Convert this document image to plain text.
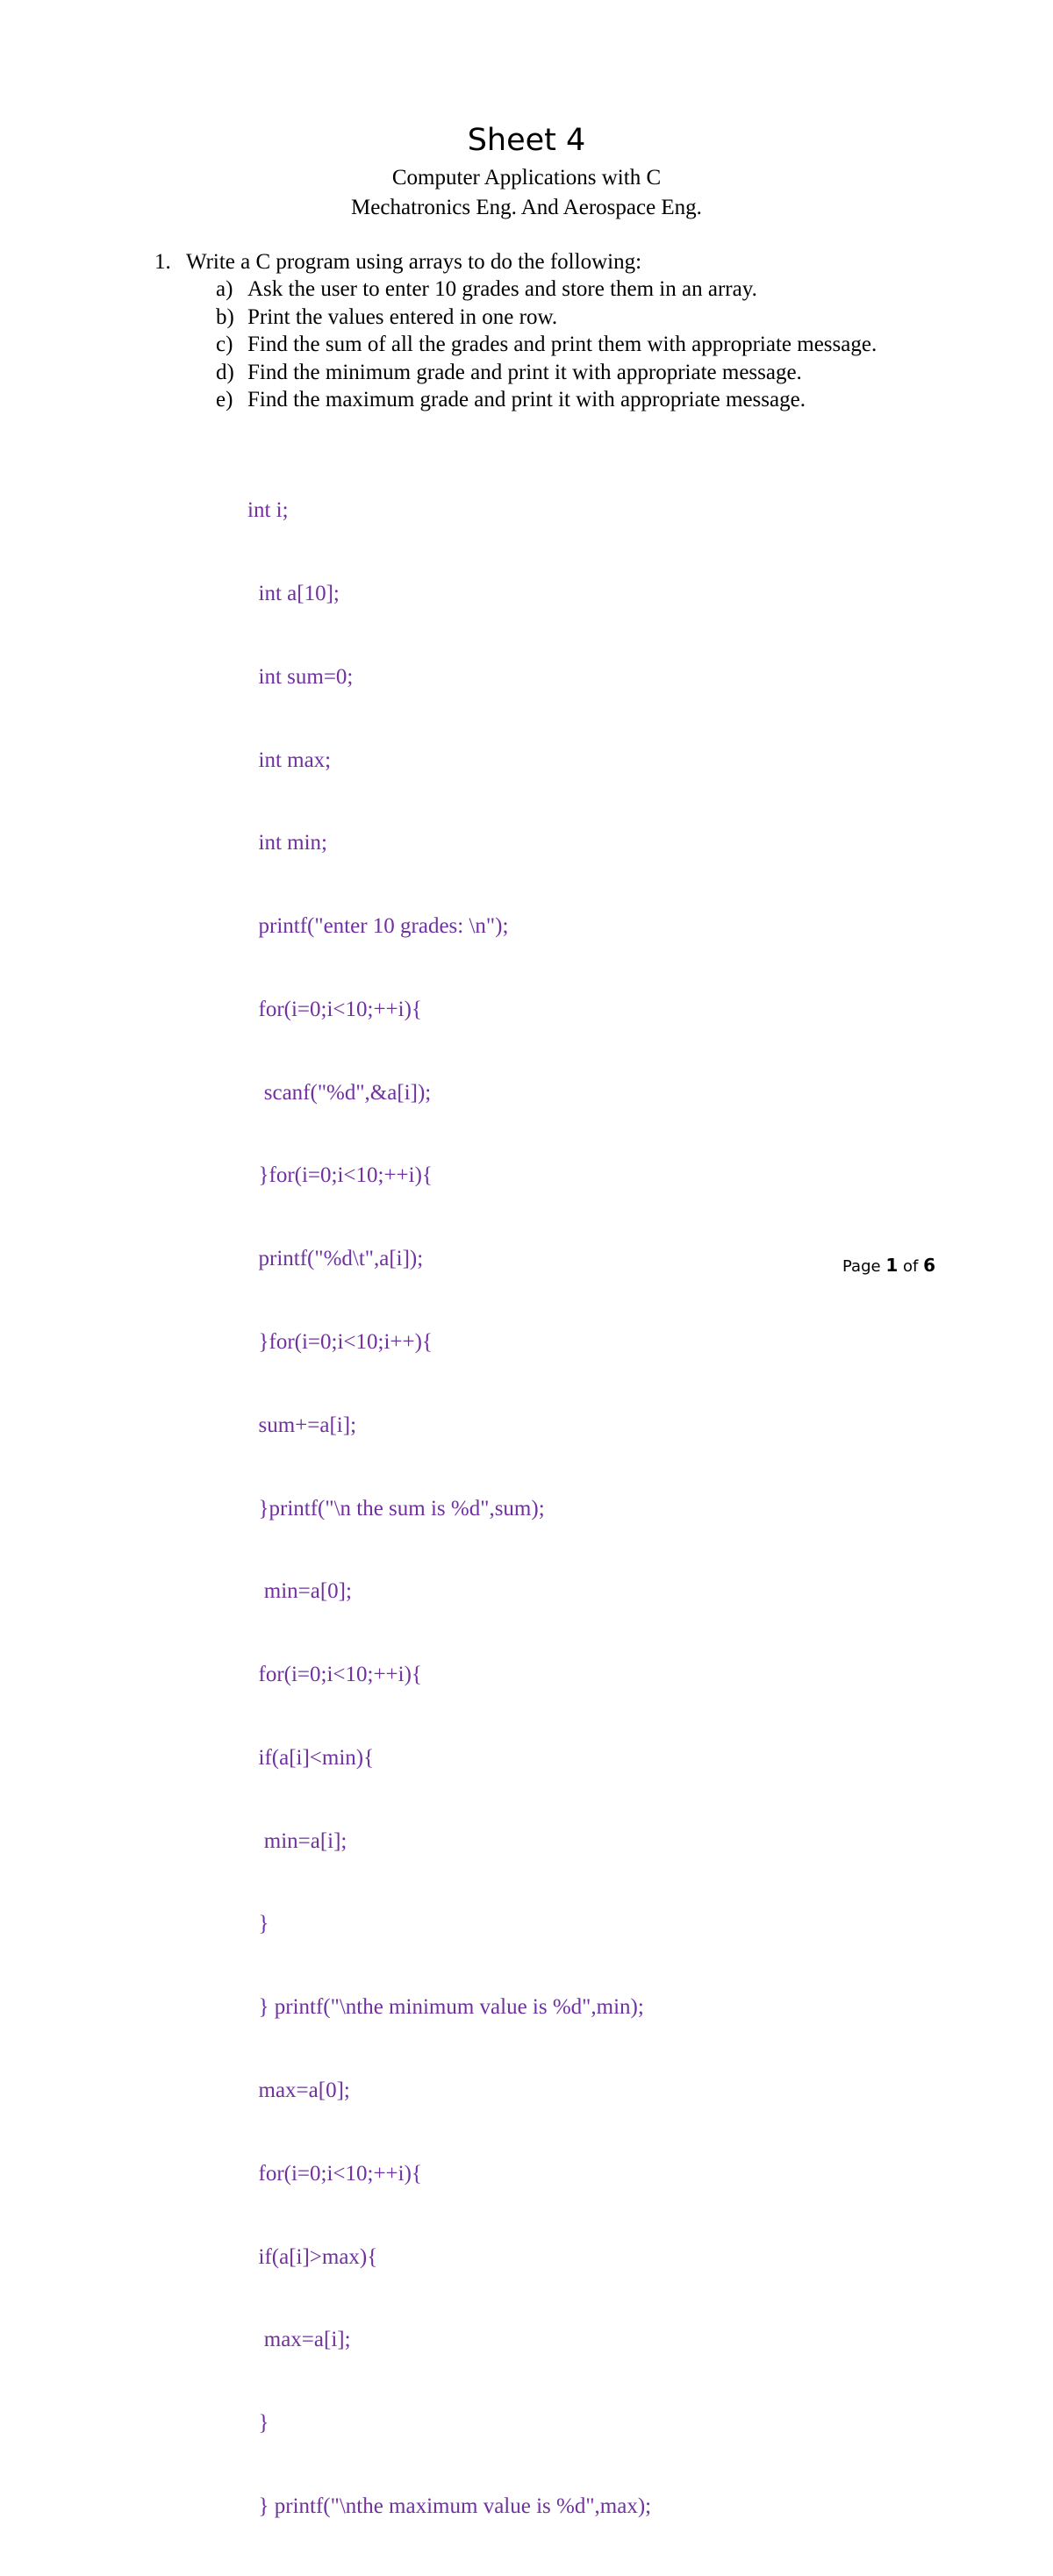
Sheet 4

Computer Applications with C

Mechatronics Eng. And Aerospace Eng.

1. Write a C program using arrays to do the following:
a) Ask the user to enter 10 grades and store them in an array.
b) Print the values entered in one row.
c) Find the sum of all the grades and print them with appropriate message.
d) Find the minimum grade and print it with appropriate message.
e) Find the maximum grade and print it with appropriate message.

int i;

int a[10];

int sum=0;

int max;

int min;

printf("enter 10 grades: \n");

for(i=0;i<10;++i){

scanf("%d",&a[i]);

}for(i=0;i<10;++i){

printf("%d\t",a[i]);

}for(i=0;i<10;i++){

sum+=a[i];

}printf("\n the sum is %d",sum);

min=a[0];

for(i=0;i<10;++i){

if(a[i]<min){

min=a[i];

}

} printf("\nthe minimum value is %d",min);

max=a[0];

for(i=0;i<10;++i){

if(a[i]>max){

max=a[i];

}

} printf("\nthe maximum value is %d",max);

Page 1 of 6
